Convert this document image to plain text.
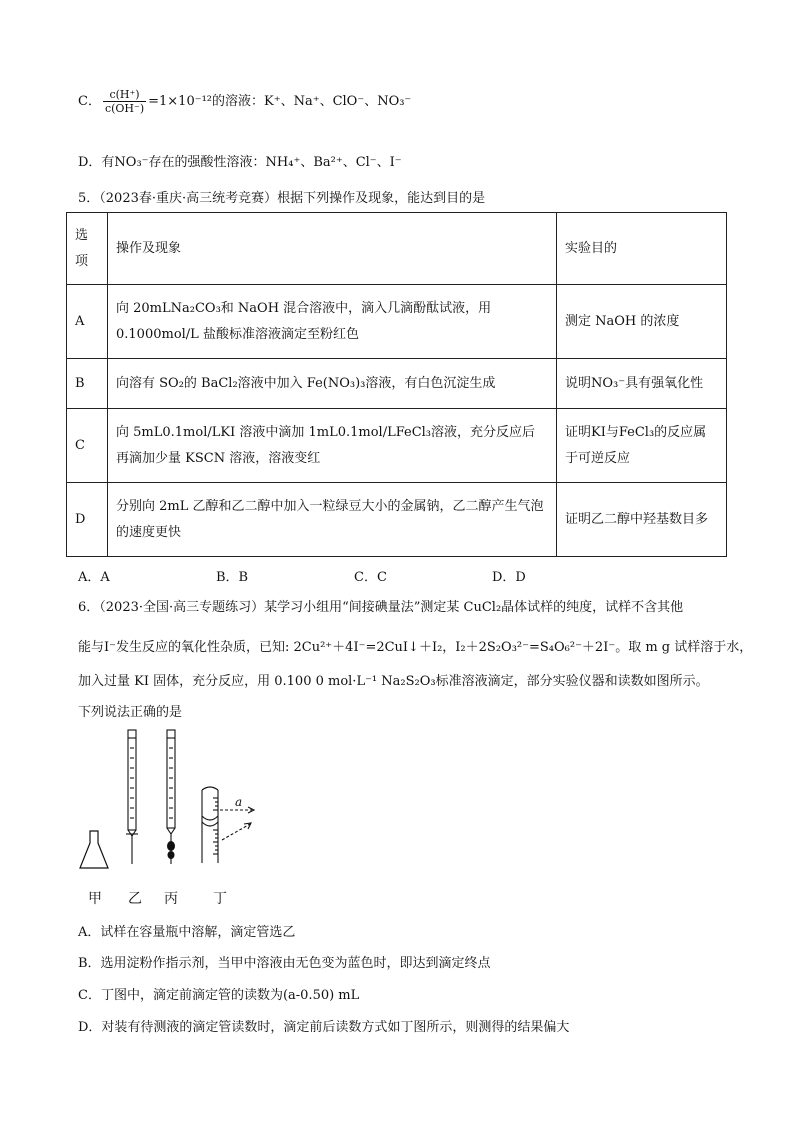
C． $\frac{c(H^+)}{c(OH^-)} =1\times 10^{-12}$的溶液：K⁺、Na⁺、ClO⁻、NO₃⁻
D．有NO₃⁻存在的强酸性溶液：NH₄⁺、Ba²⁺、Cl⁻、I⁻
5．（2023春·重庆·高三统考竞赛）根据下列操作及现象，能达到目的是
选项	操作及现象	实验目的
A	向 20mLNa₂CO₃和 NaOH 混合溶液中，滴入几滴酚酞试液，用 0.1000mol/L 盐酸标准溶液滴定至粉红色	测定 NaOH 的浓度
B	向溶有 SO₂的 BaCl₂溶液中加入 Fe(NO₃)₃溶液，有白色沉淀生成	说明NO₃⁻具有强氧化性
C	向 5mL0.1mol/LKI 溶液中滴加 1mL0.1mol/LFeCl₃溶液，充分反应后再滴加少量 KSCN 溶液，溶液变红	证明KI与FeCl₃的反应属于可逆反应
D	分别向 2mL 乙醇和乙二醇中加入一粒绿豆大小的金属钠，乙二醇产生气泡的速度更快	证明乙二醇中羟基数目多
A．A	B．B	C．C	D．D
6．（2023·全国·高三专题练习）某学习小组用“间接碘量法”测定某 CuCl₂晶体试样的纯度，试样不含其他
能与I⁻发生反应的氧化性杂质，已知: 2Cu²⁺＋4I⁻=2CuI↓＋I₂，I₂＋2S₂O₃²⁻=S₄O₆²⁻＋2I⁻。取 m g 试样溶于水，
加入过量 KI 固体，充分反应，用 0.100 0 mol·L⁻¹ Na₂S₂O₃标准溶液滴定，部分实验仪器和读数如图所示。
下列说法正确的是
a
甲 乙 丙	丁
A．试样在容量瓶中溶解，滴定管选乙
B．选用淀粉作指示剂，当甲中溶液由无色变为蓝色时，即达到滴定终点
C．丁图中，滴定前滴定管的读数为(a-0.50) mL
D．对装有待测液的滴定管读数时，滴定前后读数方式如丁图所示，则测得的结果偏大
